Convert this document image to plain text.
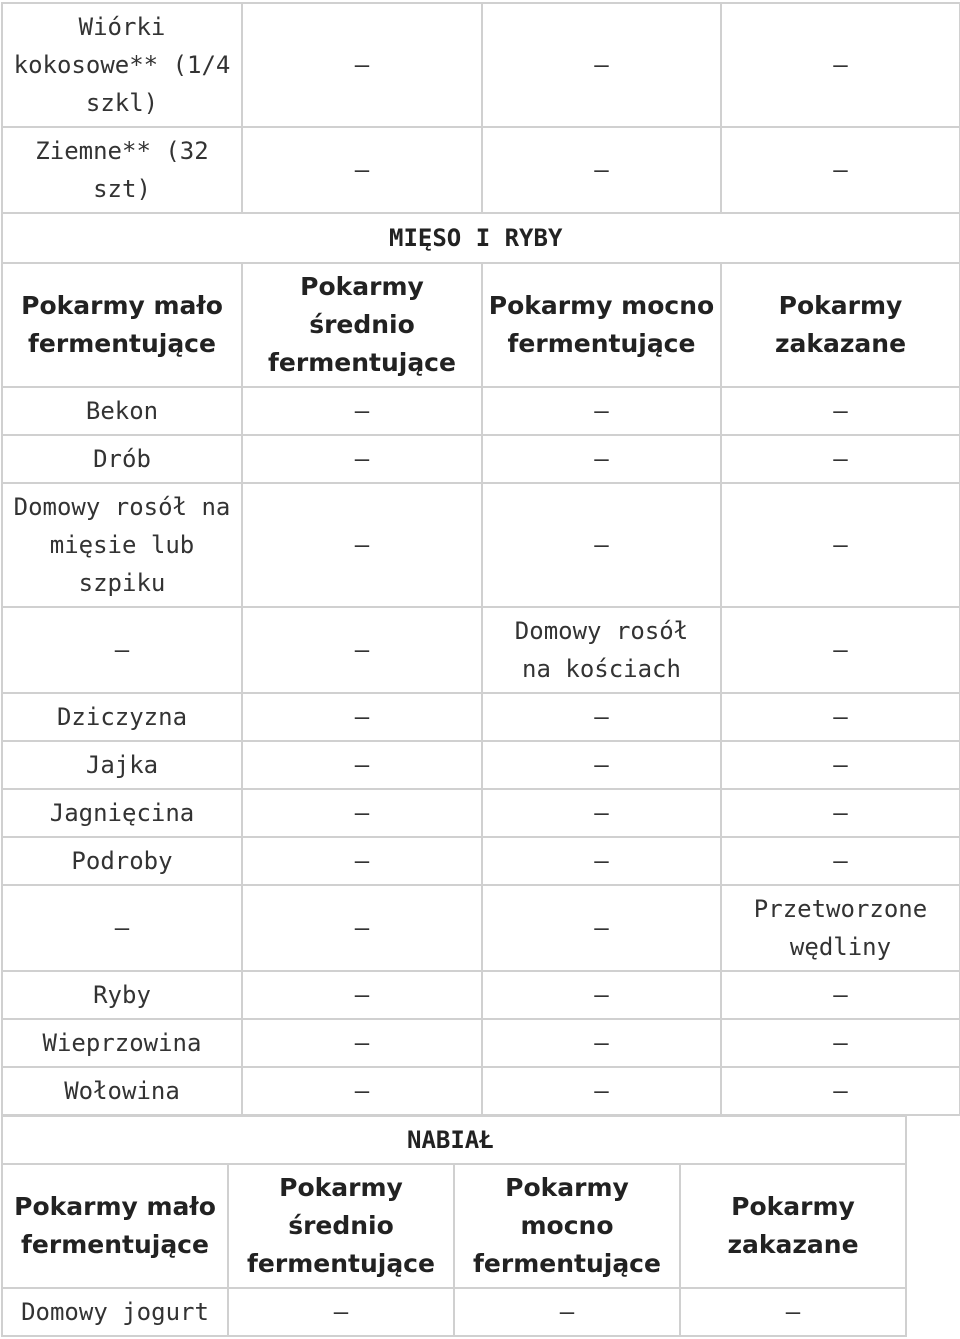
Wiórki kokosowe** (1/4 szkl)	—	—	—
Ziemne** (32 szt)	—	—	—
MIĘSO I RYBY			
Pokarmy mało fermentujące	Pokarmy średnio fermentujące	Pokarmy mocno fermentujące	Pokarmy zakazane
Bekon	—	—	—
Drób	—	—	—
Domowy rosół na mięsie lub szpiku	—	—	—
—	—	Domowy rosół na kościach	—
Dziczyzna	—	—	—
Jajka	—	—	—
Jagnięcina	—	—	—
Podroby	—	—	—
—	—	—	Przetworzone wędliny
Ryby	—	—	—
Wieprzowina	—	—	—
Wołowina	—	—	—
NABIAŁ			
Pokarmy mało fermentujące	Pokarmy średnio fermentujące	Pokarmy mocno fermentujące	Pokarmy zakazane
Domowy jogurt	—	—	—
